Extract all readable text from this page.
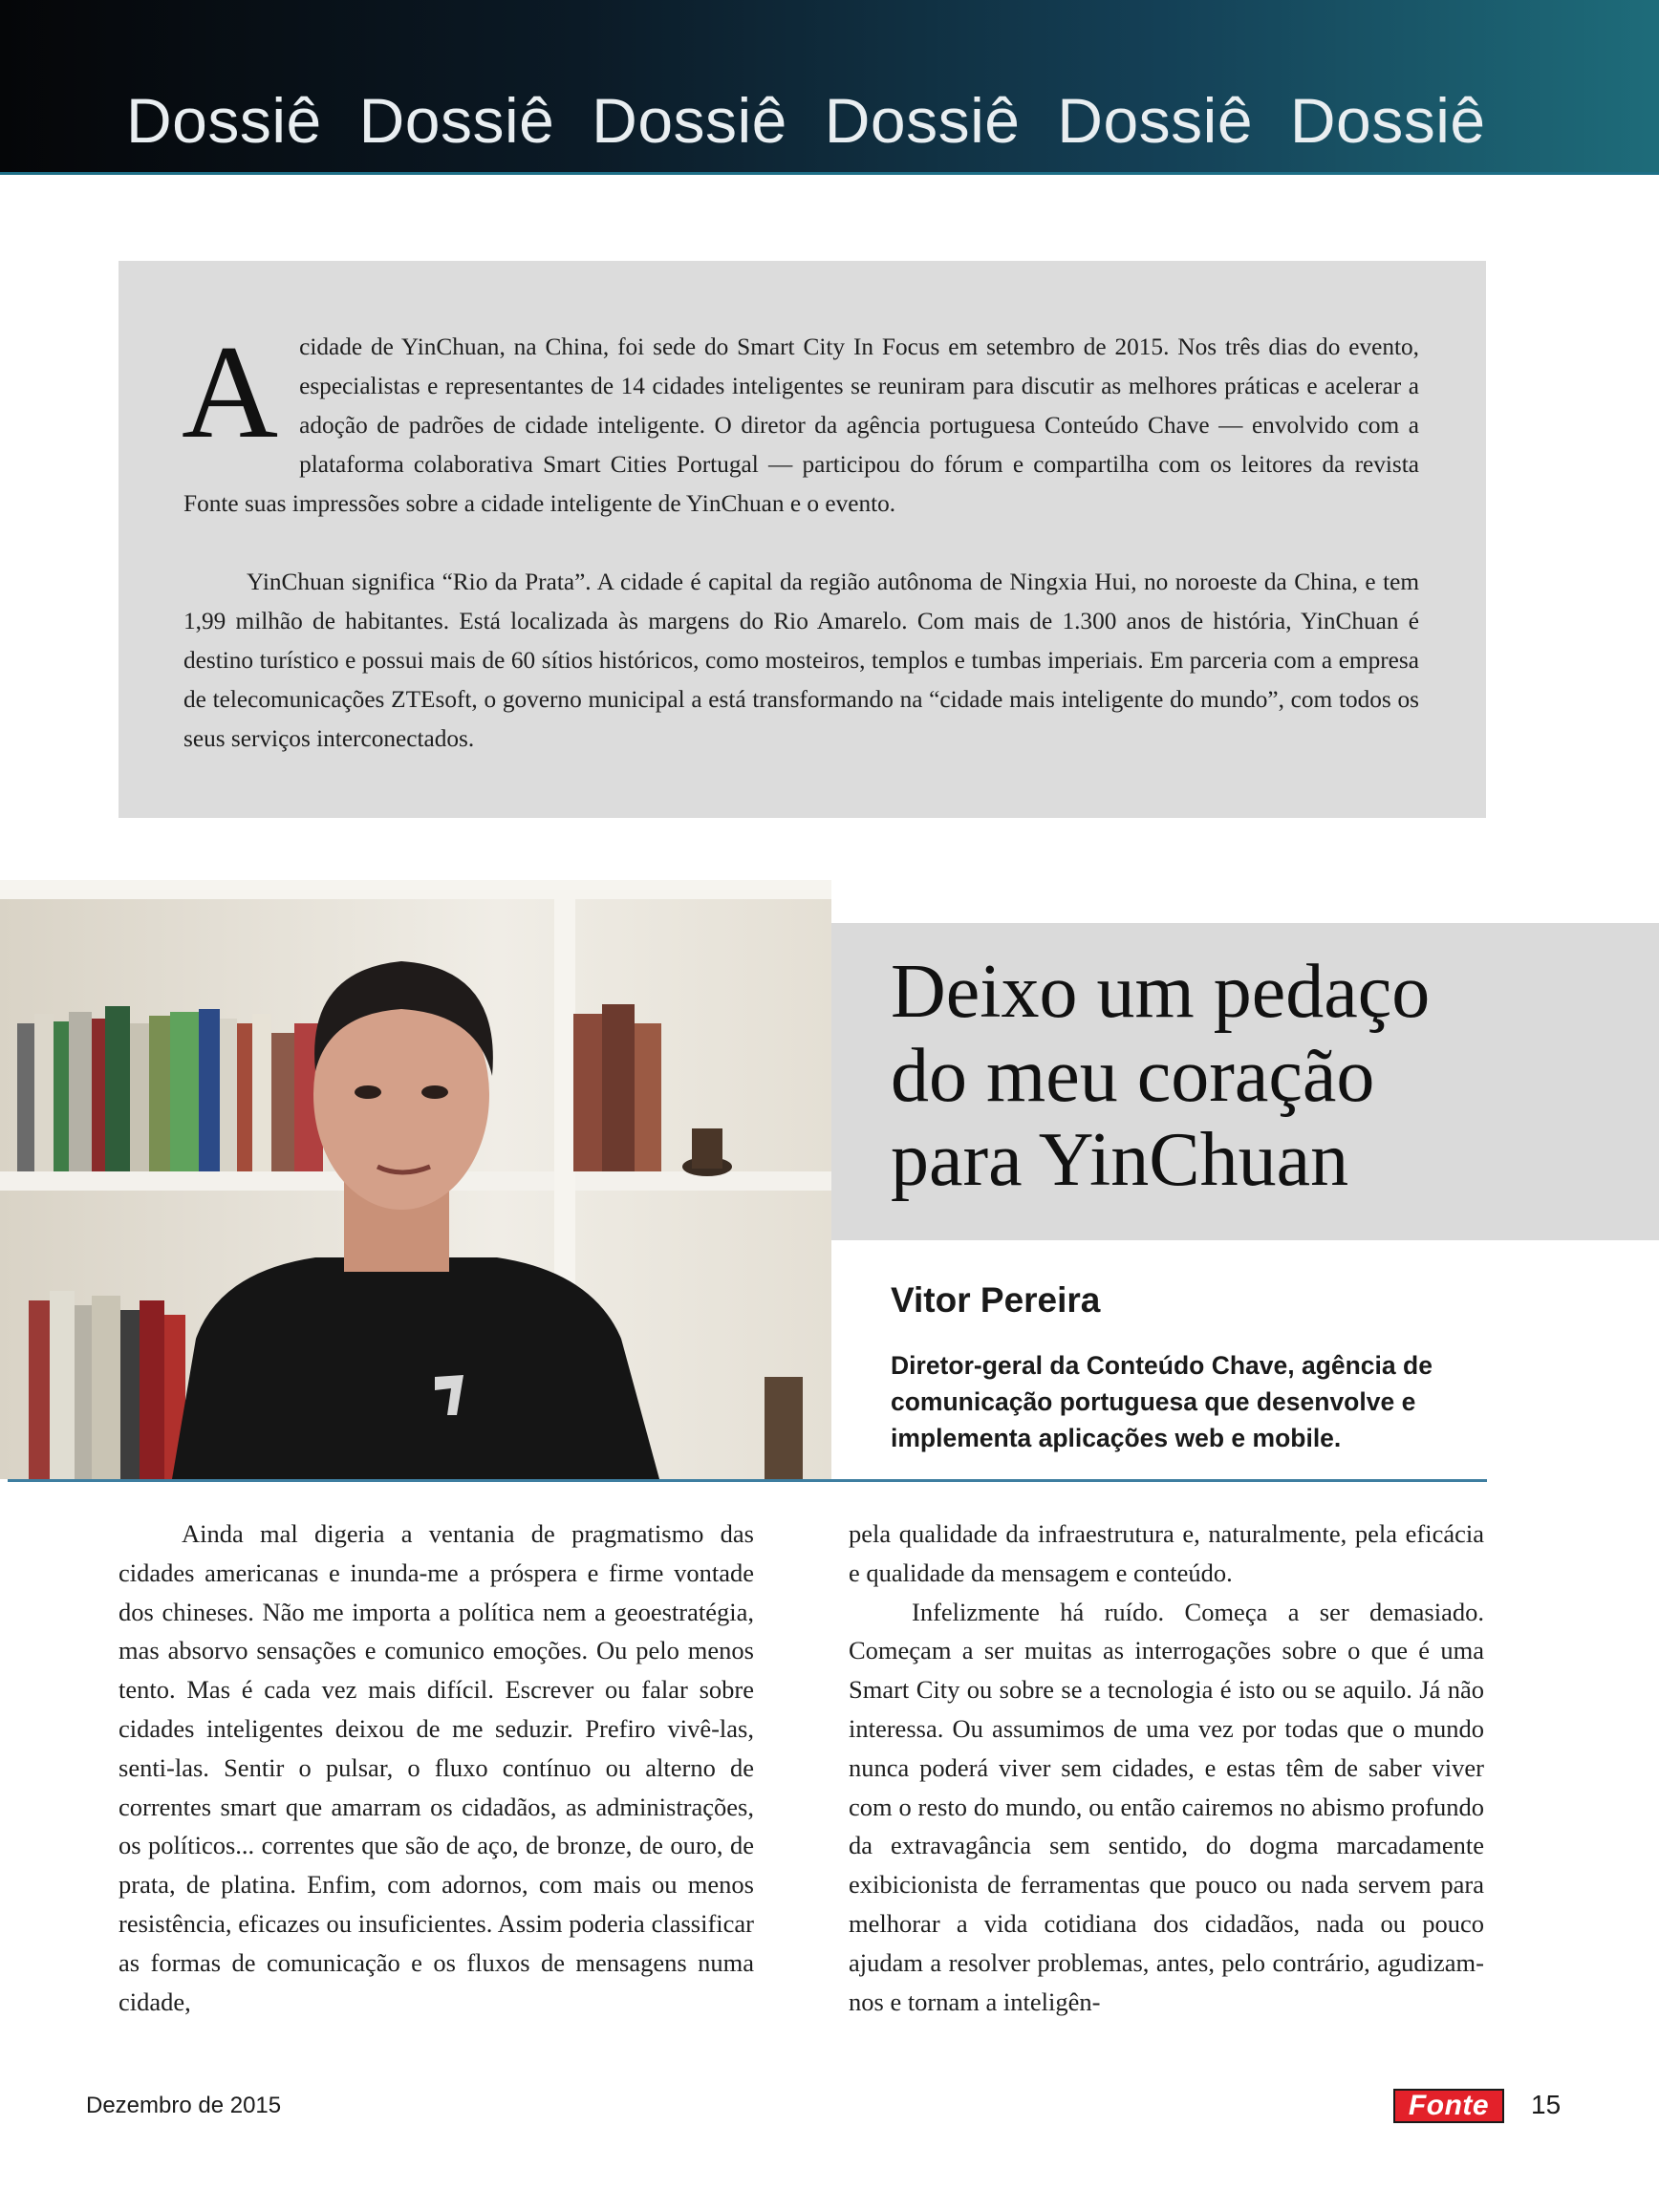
Dossiê Dossiê Dossiê Dossiê Dossiê Dossiê

Acidade de YinChuan, na China, foi sede do Smart City In Focus em setembro de 2015. Nos três dias do evento, especialistas e representantes de 14 cidades inteligentes se reuniram para discutir as melhores práticas e acelerar a adoção de padrões de cidade inteligente. O diretor da agência portuguesa Conteúdo Chave — envolvido com a plataforma colaborativa Smart Cities Portugal — participou do fórum e compartilha com os leitores da revista Fonte suas impressões sobre a cidade inteligente de YinChuan e o evento.

YinChuan significa “Rio da Prata”. A cidade é capital da região autônoma de Ningxia Hui, no noroeste da China, e tem 1,99 milhão de habitantes. Está localizada às margens do Rio Amarelo. Com mais de 1.300 anos de história, YinChuan é destino turístico e possui mais de 60 sítios históricos, como mosteiros, templos e tumbas imperiais. Em parceria com a empresa de telecomunicações ZTEsoft, o governo municipal a está transformando na “cidade mais inteligente do mundo”, com todos os seus serviços interconectados.

Deixo um pedaço
do meu coração
para YinChuan

Vitor Pereira

Diretor-geral da Conteúdo Chave, agência de comunicação portuguesa que desenvolve e implementa aplicações web e mobile.

Ainda mal digeria a ventania de pragmatismo das cidades americanas e inunda-me a próspera e firme vontade dos chineses. Não me importa a política nem a geoestratégia, mas absorvo sensações e comunico emoções. Ou pelo menos tento. Mas é cada vez mais difícil. Escrever ou falar sobre cidades inteligentes deixou de me seduzir. Prefiro vivê-las, senti-las. Sentir o pulsar, o fluxo contínuo ou alterno de correntes smart que amarram os cidadãos, as administrações, os políticos... correntes que são de aço, de bronze, de ouro, de prata, de platina. Enfim, com adornos, com mais ou menos resistência, eficazes ou insuficientes. Assim poderia classificar as formas de comunicação e os fluxos de mensagens numa cidade,

pela qualidade da infraestrutura e, naturalmente, pela eficácia e qualidade da mensagem e conteúdo.

Infelizmente há ruído. Começa a ser demasiado. Começam a ser muitas as interrogações sobre o que é uma Smart City ou sobre se a tecnologia é isto ou se aquilo. Já não interessa. Ou assumimos de uma vez por todas que o mundo nunca poderá viver sem cidades, e estas têm de saber viver com o resto do mundo, ou então cairemos no abismo profundo da extravagância sem sentido, do dogma marcadamente exibicionista de ferramentas que pouco ou nada servem para melhorar a vida cotidiana dos cidadãos, nada ou pouco ajudam a resolver problemas, antes, pelo contrário, agudizam-nos e tornam a inteligên-

Dezembro de 2015	Fonte	15
